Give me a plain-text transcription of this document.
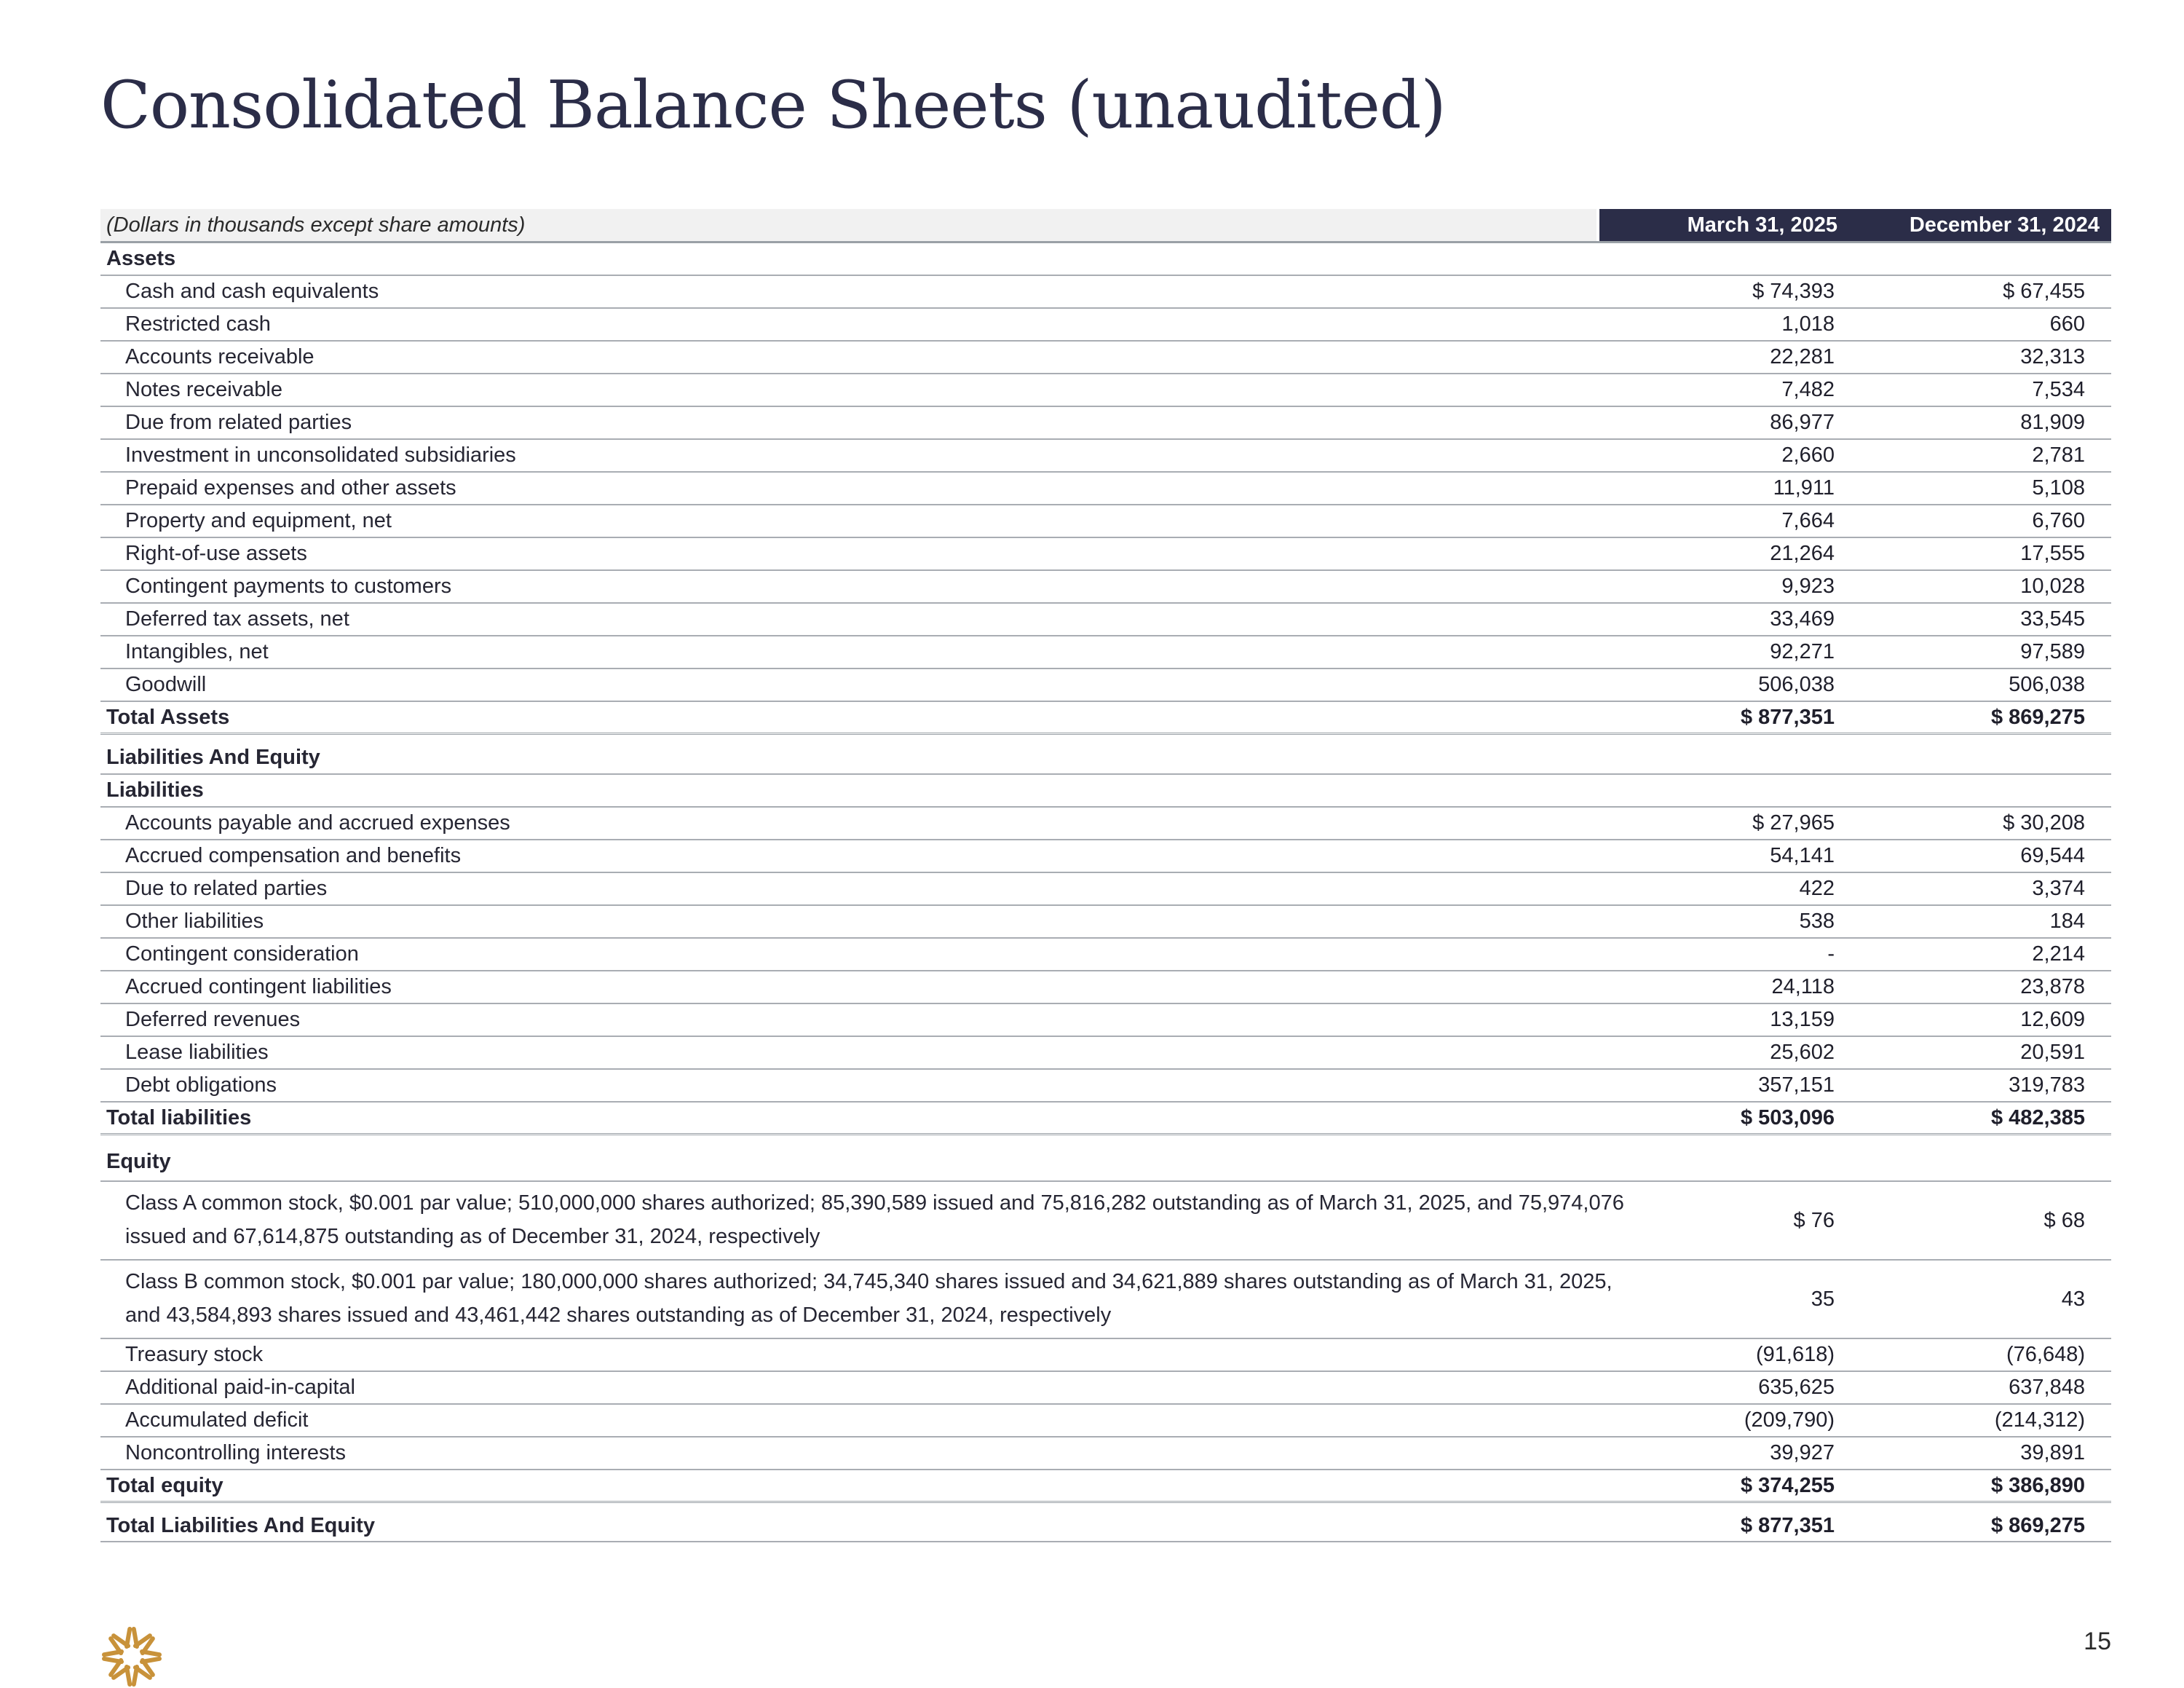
Consolidated Balance Sheets (unaudited)
(Dollars in thousands except share amounts)	March 31, 2025	December 31, 2024
Assets
Cash and cash equivalents	$ 74,393	$ 67,455
Restricted cash	1,018	660
Accounts receivable	22,281	32,313
Notes receivable	7,482	7,534
Due from related parties	86,977	81,909
Investment in unconsolidated subsidiaries	2,660	2,781
Prepaid expenses and other assets	11,911	5,108
Property and equipment, net	7,664	6,760
Right-of-use assets	21,264	17,555
Contingent payments to customers	9,923	10,028
Deferred tax assets, net	33,469	33,545
Intangibles, net	92,271	97,589
Goodwill	506,038	506,038
Total Assets	$ 877,351	$ 869,275
Liabilities And Equity
Liabilities
Accounts payable and accrued expenses	$ 27,965	$ 30,208
Accrued compensation and benefits	54,141	69,544
Due to related parties	422	3,374
Other liabilities	538	184
Contingent consideration	-	2,214
Accrued contingent liabilities	24,118	23,878
Deferred revenues	13,159	12,609
Lease liabilities	25,602	20,591
Debt obligations	357,151	319,783
Total liabilities	$ 503,096	$ 482,385
Equity
Class A common stock, $0.001 par value; 510,000,000 shares authorized; 85,390,589 issued and 75,816,282 outstanding as of March 31, 2025, and 75,974,076 issued and 67,614,875 outstanding as of December 31, 2024, respectively
$ 76	$ 68
Class B common stock, $0.001 par value; 180,000,000 shares authorized; 34,745,340 shares issued and 34,621,889 shares outstanding as of March 31, 2025, and 43,584,893 shares issued and 43,461,442 shares outstanding as of December 31, 2024, respectively
35	43
Treasury stock	(91,618)	(76,648)
Additional paid-in-capital	635,625	637,848
Accumulated deficit	(209,790)	(214,312)
Noncontrolling interests	39,927	39,891
Total equity	$ 374,255	$ 386,890
Total Liabilities And Equity	$ 877,351	$ 869,275
15
